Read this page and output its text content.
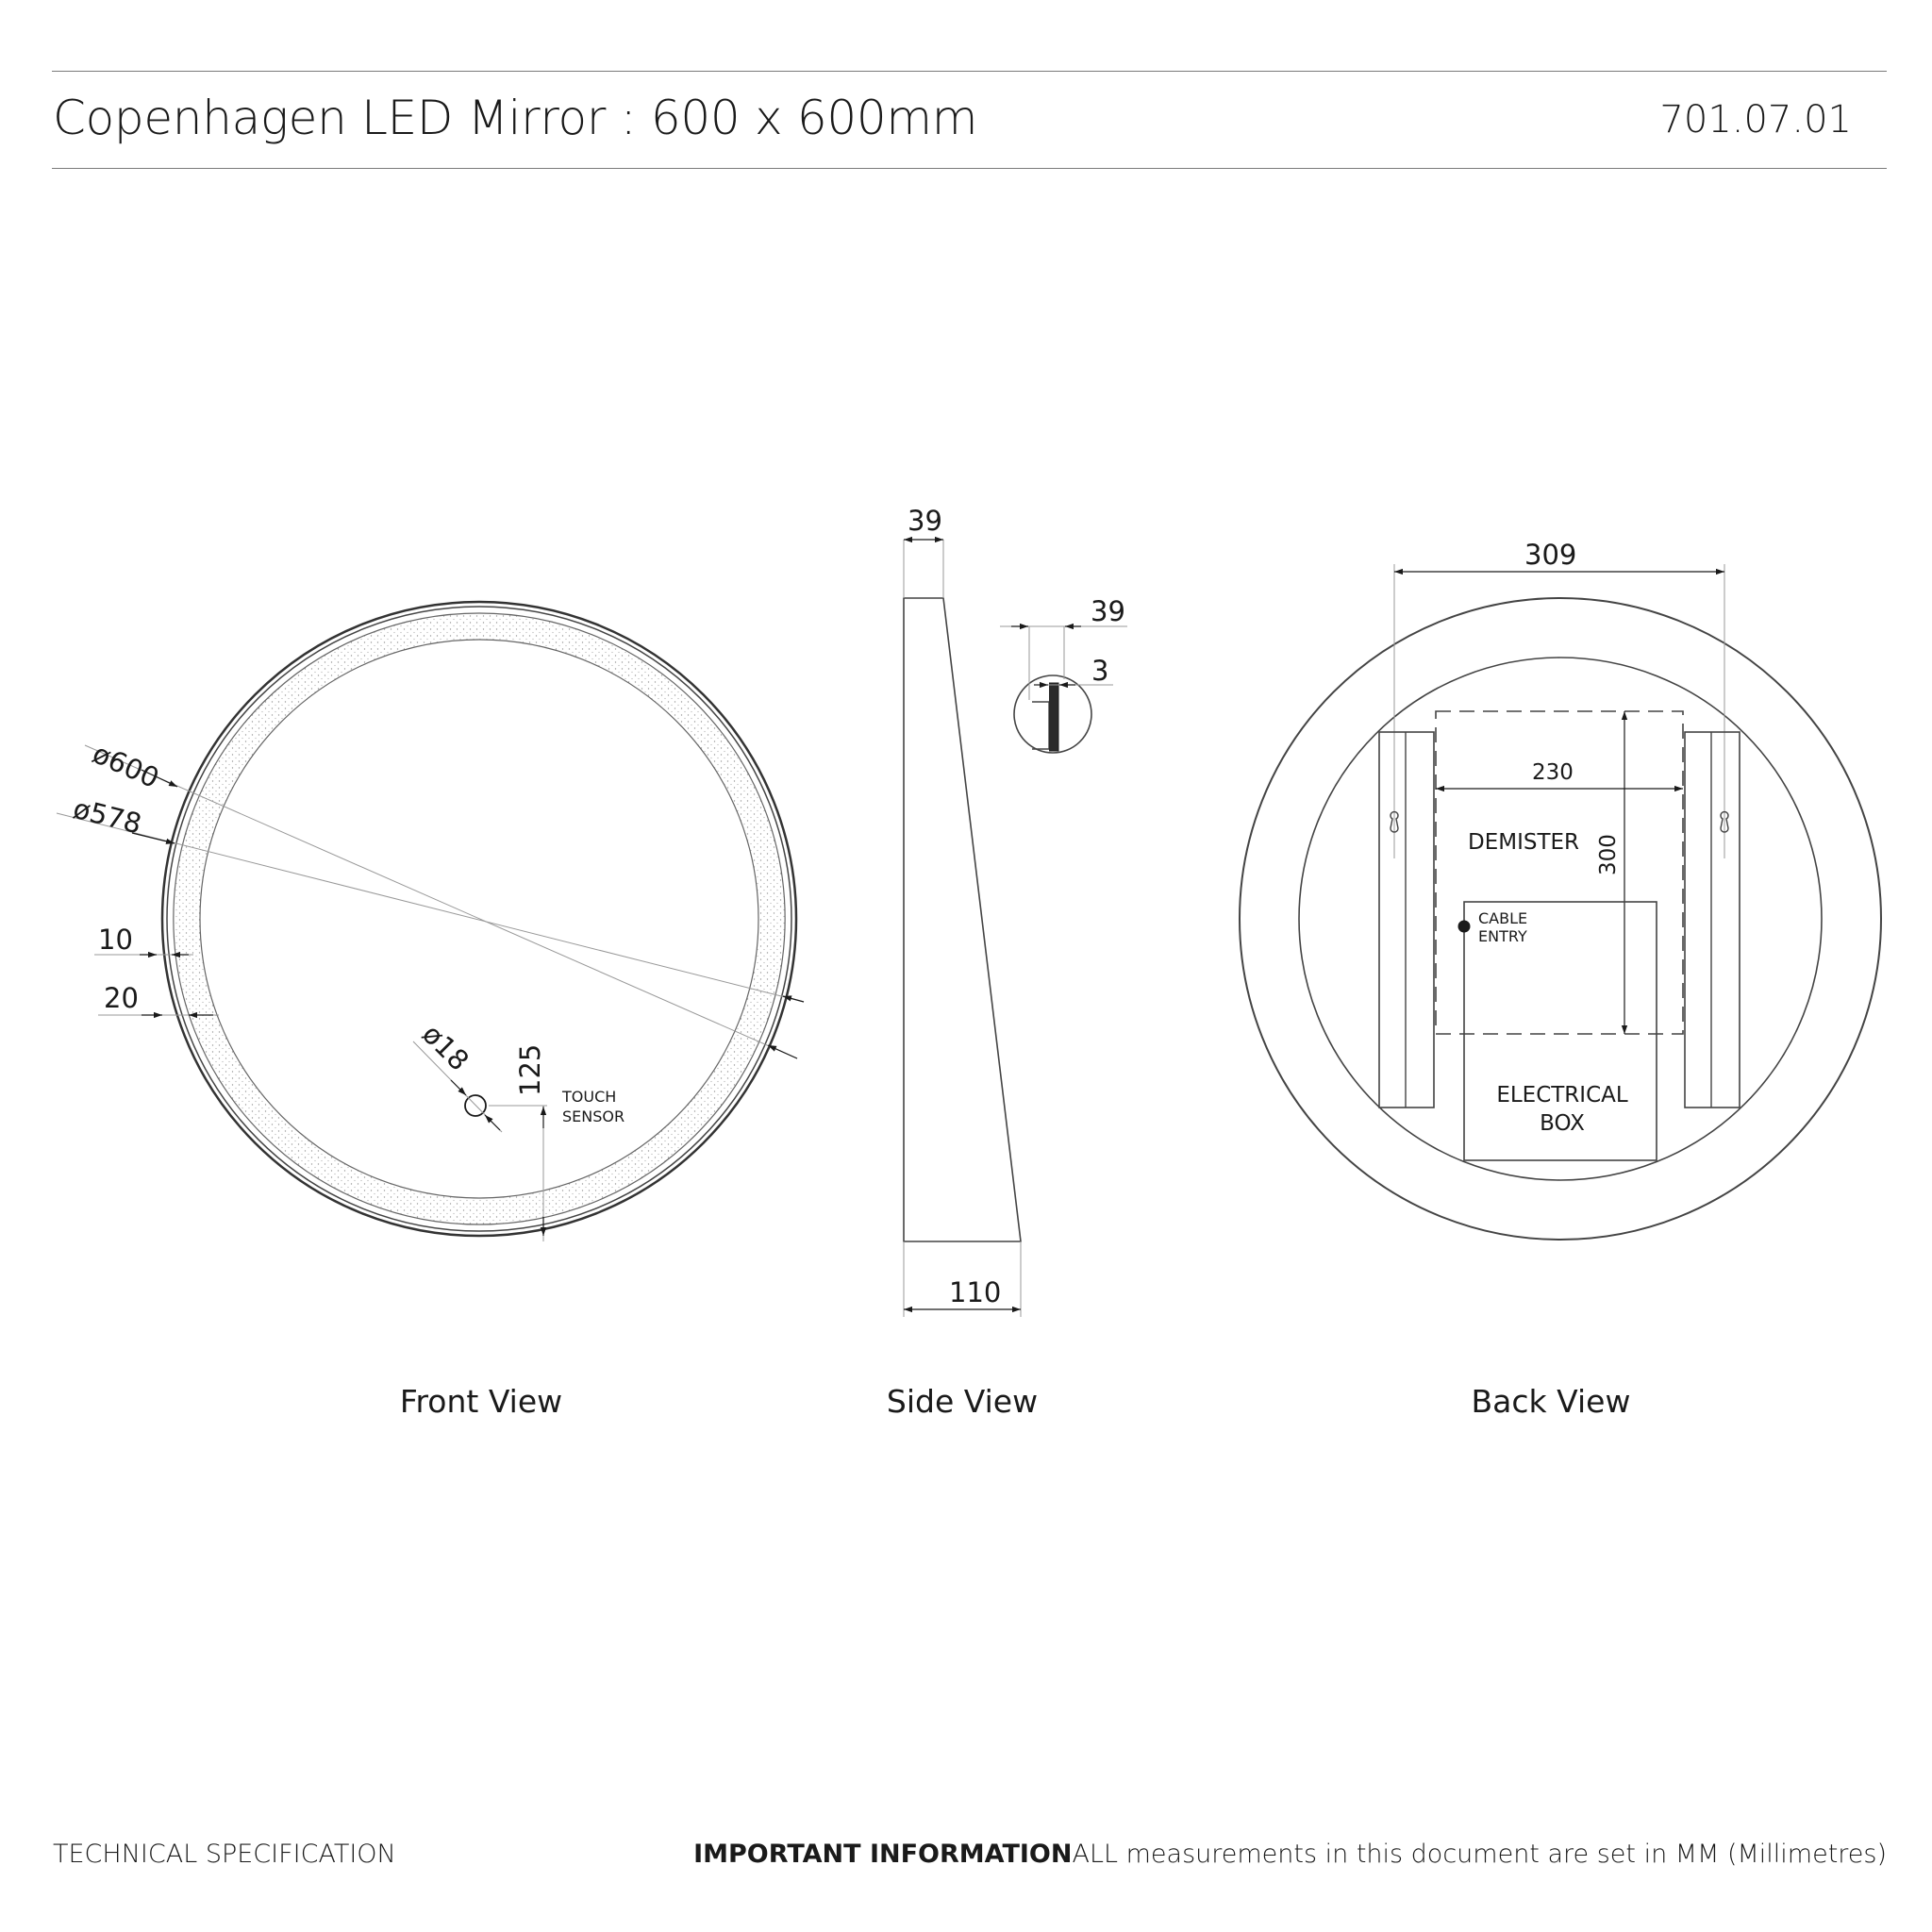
Copenhagen LED Mirror : 600 x 600mm	701.07.01
ø600
ø578
10
20
ø18 125
TOUCH
SENSOR
39
110
39
3
309
230
300
DEMISTER
CABLE
ENTRY
ELECTRICAL
BOX
Front View	Side View	Back View
TECHNICAL SPECIFICATION	IMPORTANT INFORMATIONALL measurements in this document are set in MM (Millimetres)
